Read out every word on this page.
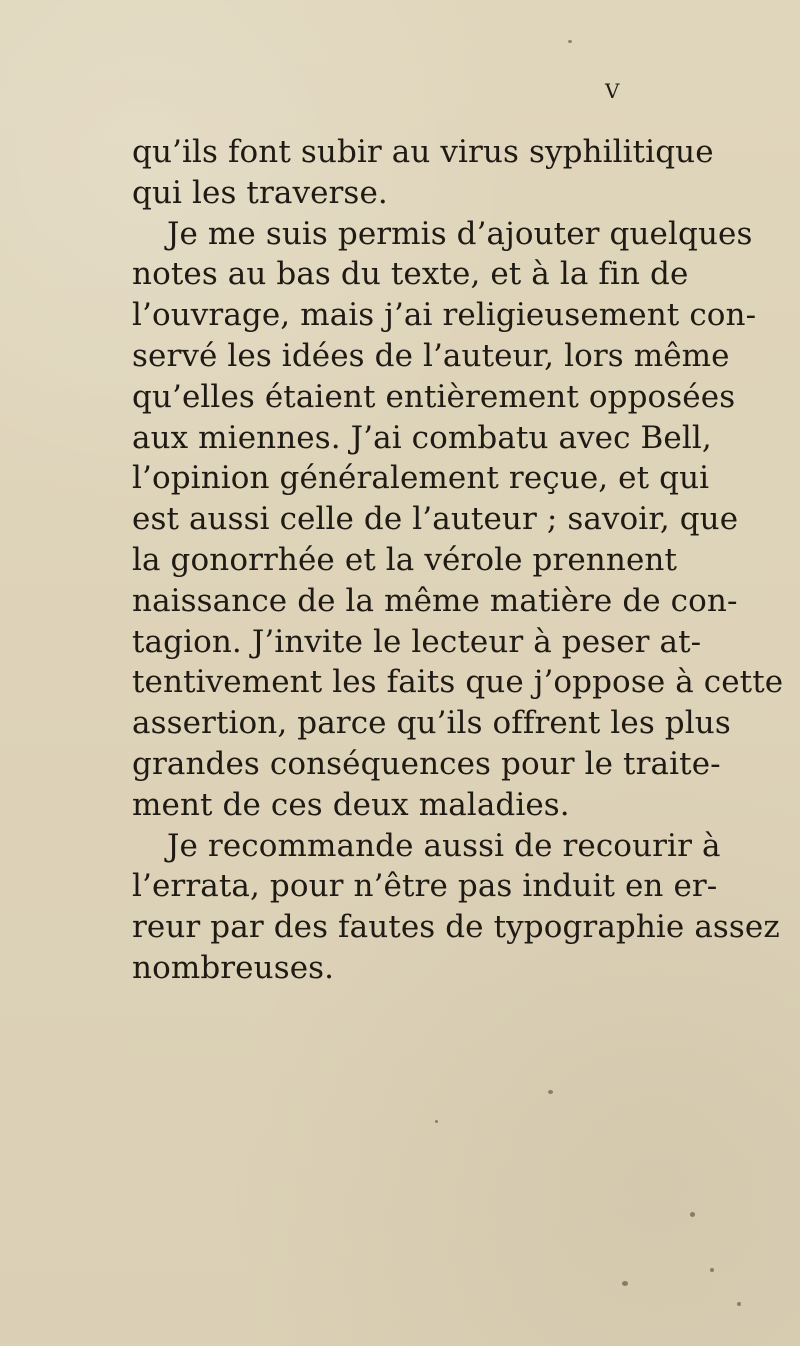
V
qu’ils font subir au virus syphilitique
qui les traverse.
Je me suis permis d’ajouter quelques
notes au bas du texte, et à la fin de
l’ouvrage, mais j’ai religieusement con-
servé les idées de l’auteur, lors même
qu’elles étaient entièrement opposées
aux miennes. J’ai combatu avec Bell,
l’opinion généralement reçue, et qui
est aussi celle de l’auteur ; savoir, que
la gonorrhée et la vérole prennent
naissance de la même matière de con-
tagion. J’invite le lecteur à peser at-
tentivement les faits que j’oppose à cette
assertion, parce qu’ils offrent les plus
grandes conséquences pour le traite-
ment de ces deux maladies.
Je recommande aussi de recourir à
l’errata, pour n’être pas induit en er-
reur par des fautes de typographie assez
nombreuses.
